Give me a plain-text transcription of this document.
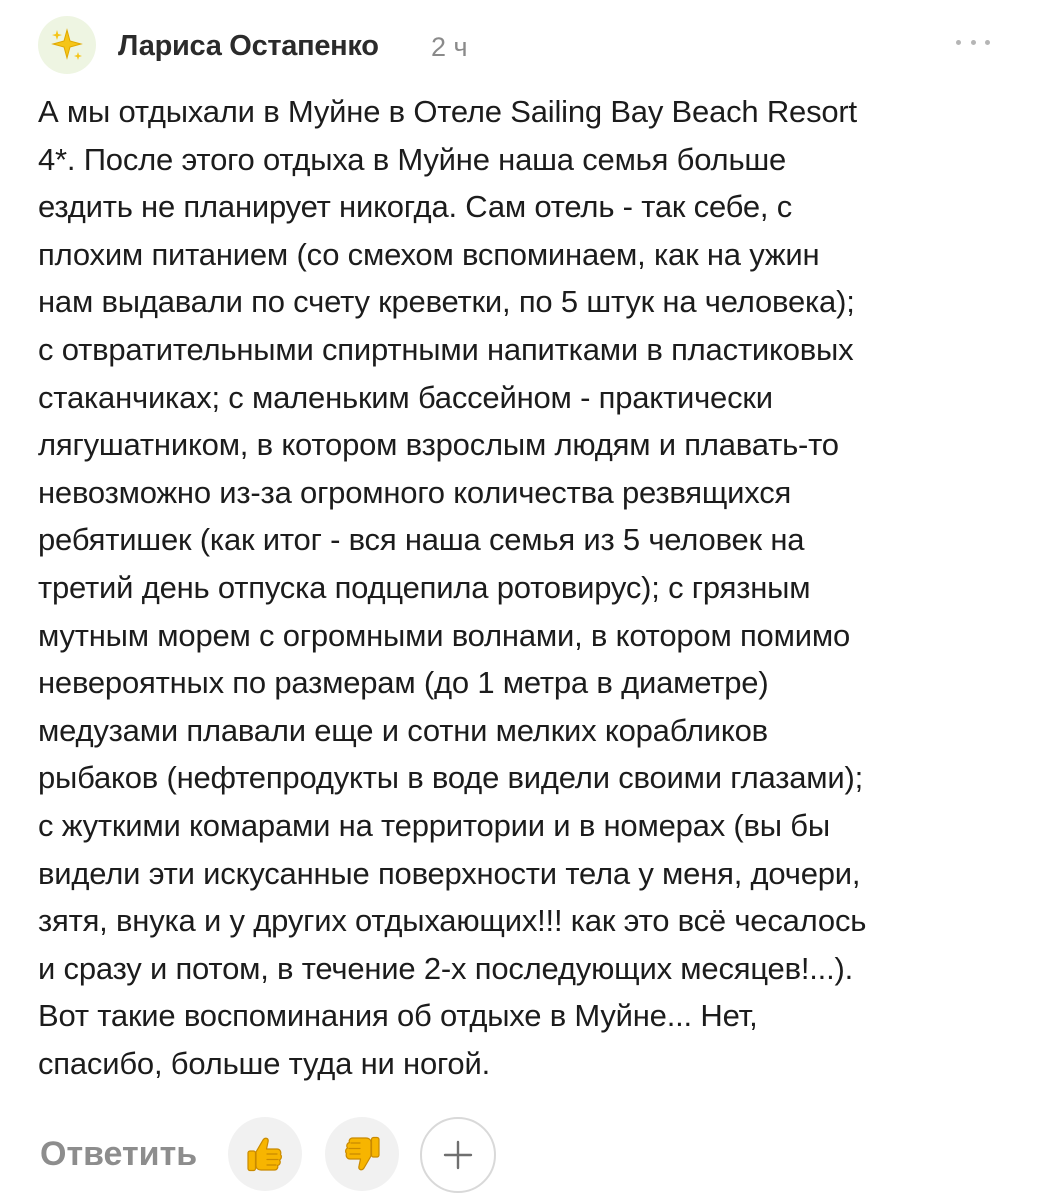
Лариса Остапенко 2 ч
А мы отдыхали в Муйне в Отеле Sailing Bay Beach Resort
4*. После этого отдыха в Муйне наша семья больше
ездить не планирует никогда. Сам отель - так себе, с
плохим питанием (со смехом вспоминаем, как на ужин
нам выдавали по счету креветки, по 5 штук на человека);
с отвратительными спиртными напитками в пластиковых
стаканчиках; с маленьким бассейном - практически
лягушатником, в котором взрослым людям и плавать-то
невозможно из-за огромного количества резвящихся
ребятишек (как итог - вся наша семья из 5 человек на
третий день отпуска подцепила ротовирус); с грязным
мутным морем с огромными волнами, в котором помимо
невероятных по размерам (до 1 метра в диаметре)
медузами плавали еще и сотни мелких корабликов
рыбаков (нефтепродукты в воде видели своими глазами);
с жуткими комарами на территории и в номерах (вы бы
видели эти искусанные поверхности тела у меня, дочери,
зятя, внука и у других отдыхающих!!! как это всё чесалось
и сразу и потом, в течение 2-х последующих месяцев!...).
Вот такие воспоминания об отдыхе в Муйне... Нет,
спасибо, больше туда ни ногой.
Ответить
